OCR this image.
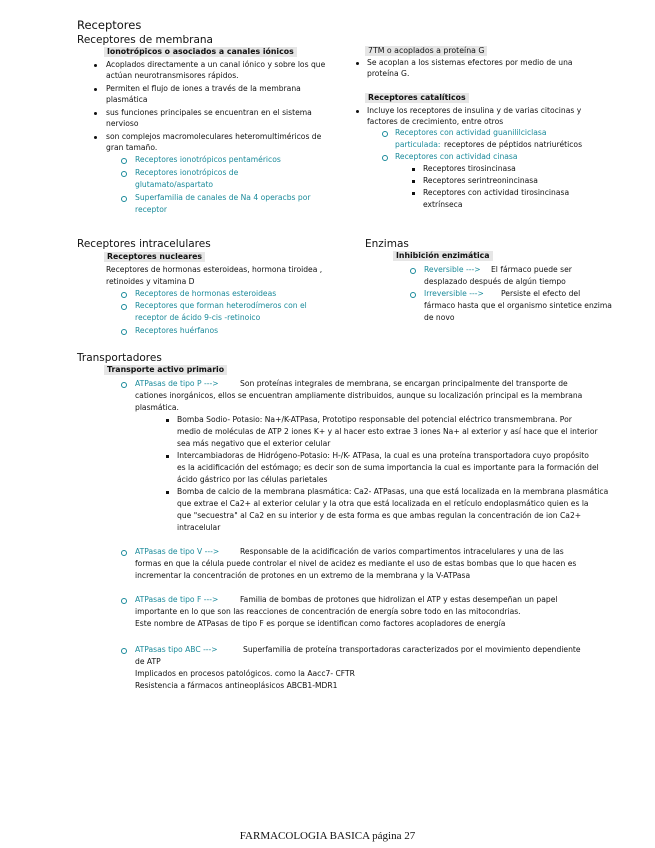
Receptores
Receptores de membrana
Ionotrópicos o asociados a canales iónicos
Acoplados directamente a un canal iónico y sobre los que
actúan neurotransmisores rápidos.
Permiten el flujo de iones a través de la membrana
plasmática
sus funciones principales se encuentran en el sistema
nervioso
son complejos macromoleculares heteromultiméricos de
gran tamaño.
Receptores ionotrópicos pentaméricos
Receptores ionotrópicos de
glutamato/aspartato
Superfamilia de canales de Na 4 operacbs por
receptor
7TM o acoplados a proteína G
Se acoplan a los sistemas efectores por medio de una
proteína G.
Receptores catalíticos
Incluye los receptores de insulina y de varias citocinas y
factores de crecimiento, entre otros
Receptores con actividad guanililciclasa
particulada: receptores de péptidos natriuréticos
Receptores con actividad cinasa
Receptores tirosincinasa
Receptores serintreonincinasa
Receptores con actividad tirosincinasa
extrínseca
Receptores intracelulares
Receptores nucleares
Receptores de hormonas esteroideas, hormona tiroidea ,
retinoides y vitamina D
Receptores de hormonas esteroideas
Receptores que forman heterodímeros con el
receptor de ácido 9-cis -retinoico
Receptores huérfanos
Enzimas
Inhibición enzimática
Reversible ---> El fármaco puede ser
desplazado después de algún tiempo
Irreversible ---> Persiste el efecto del
fármaco hasta que el organismo sintetice enzima
de novo
Transportadores
Transporte activo primario
ATPasas de tipo P --->	Son proteínas integrales de membrana, se encargan principalmente del transporte de
cationes inorgánicos, ellos se encuentran ampliamente distribuidos, aunque su localización principal es la membrana
plasmática.
Bomba Sodio- Potasio: Na+/K-ATPasa, Prototipo responsable del potencial eléctrico transmembrana. Por
medio de moléculas de ATP 2 iones K+ y al hacer esto extrae 3 iones Na+ al exterior y así hace que el interior
sea más negativo que el exterior celular
Intercambiadoras de Hidrógeno-Potasio: H-/K- ATPasa, la cual es una proteína transportadora cuyo propósito
es la acidificación del estómago; es decir son de suma importancia la cual es importante para la formación del
ácido gástrico por las células parietales
Bomba de calcio de la membrana plasmática: Ca2- ATPasas, una que está localizada en la membrana plasmática
que extrae el Ca2+ al exterior celular y la otra que está localizada en el retículo endoplasmático quien es la
que "secuestra" al Ca2 en su interior y de esta forma es que ambas regulan la concentración de ion Ca2+
intracelular
ATPasas de tipo V --->	Responsable de la acidificación de varios compartimentos intracelulares y una de las
formas en que la célula puede controlar el nivel de acidez es mediante el uso de estas bombas que lo que hacen es
incrementar la concentración de protones en un extremo de la membrana y la V-ATPasa
ATPasas de tipo F --->	Familia de bombas de protones que hidrolizan el ATP y estas desempeñan un papel
importante en lo que son las reacciones de concentración de energía sobre todo en las mitocondrias.
Este nombre de ATPasas de tipo F es porque se identifican como factores acopladores de energía
ATPasas tipo ABC --->	Superfamilia de proteína transportadoras caracterizados por el movimiento dependiente
de ATP
Implicados en procesos patológicos. como la Aacc7- CFTR
Resistencia a fármacos antineoplásicos ABCB1-MDR1
FARMACOLOGIA BASICA página 27
